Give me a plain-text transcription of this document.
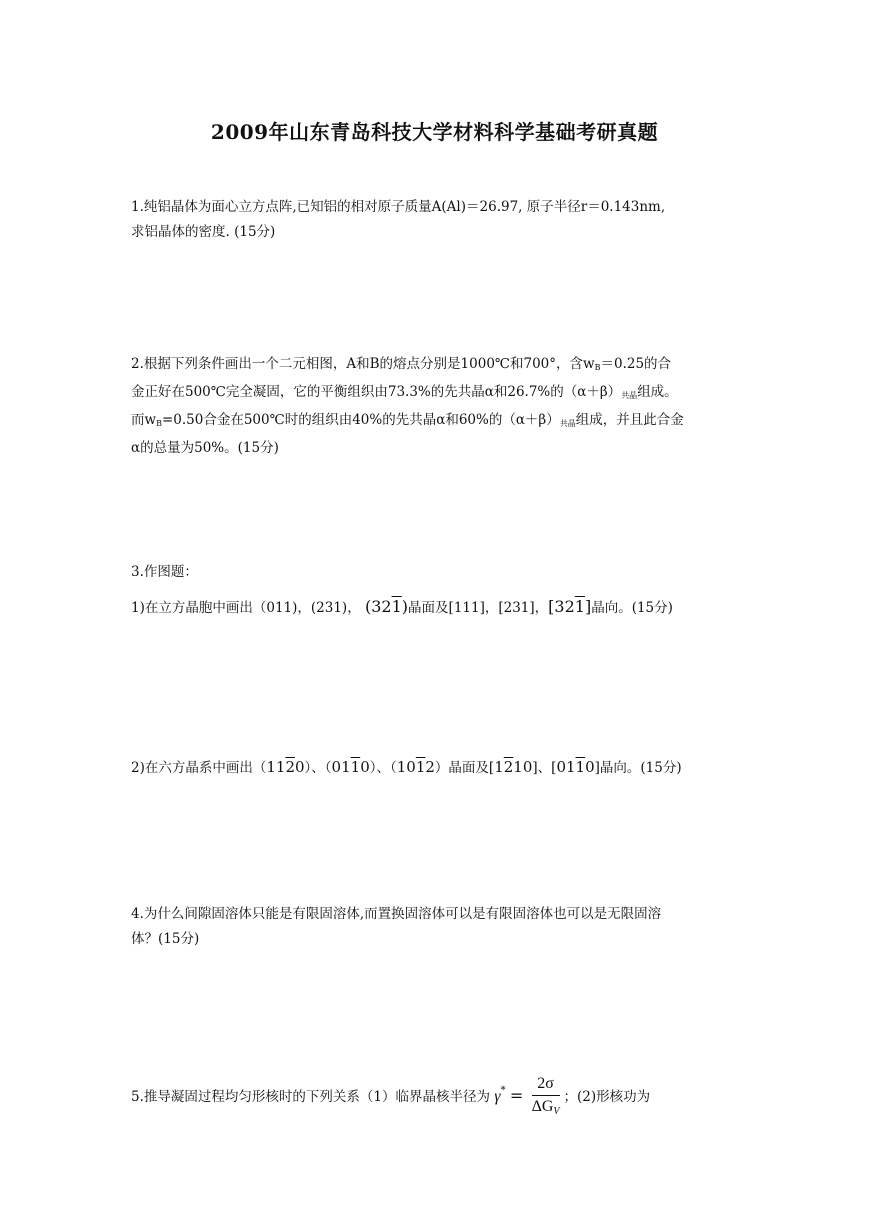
2009年山东青岛科技大学材料科学基础考研真题
1.纯铝晶体为面心立方点阵,已知铝的相对原子质量A(Al)＝26.97, 原子半径r＝0.143nm,
求铝晶体的密度. (15分)
2.根据下列条件画出一个二元相图，A和B的熔点分别是1000℃和700°，含$w_B=0.25$的合
金正好在500℃完全凝固，它的平衡组织由73.3%的先共晶α和26.7%的$(\alpha+\beta)_{共晶}$组成。
而$w_B=0.50$合金在500℃时的组织由40%的先共晶α和60%的$(\alpha+\beta)_{共晶}$组成，并且此合金
α的总量为50%。(15分)
3.作图题：
1)在立方晶胞中画出（011)，(231)， (321)晶面及[111]，[231]，[321]晶向。(15分)
2)在六方晶系中画出（1120）、（0110）、（1012）晶面及[1210]、[0110]晶向。(15分)
4.为什么间隙固溶体只能是有限固溶体,而置换固溶体可以是有限固溶体也可以是无限固溶
体？(15分)
5.推导凝固过程均匀形核时的下列关系（1）临界晶核半径为 $\gamma^* = \frac{2\sigma}{\text{ΔGV}}$ ；(2)形核功为
